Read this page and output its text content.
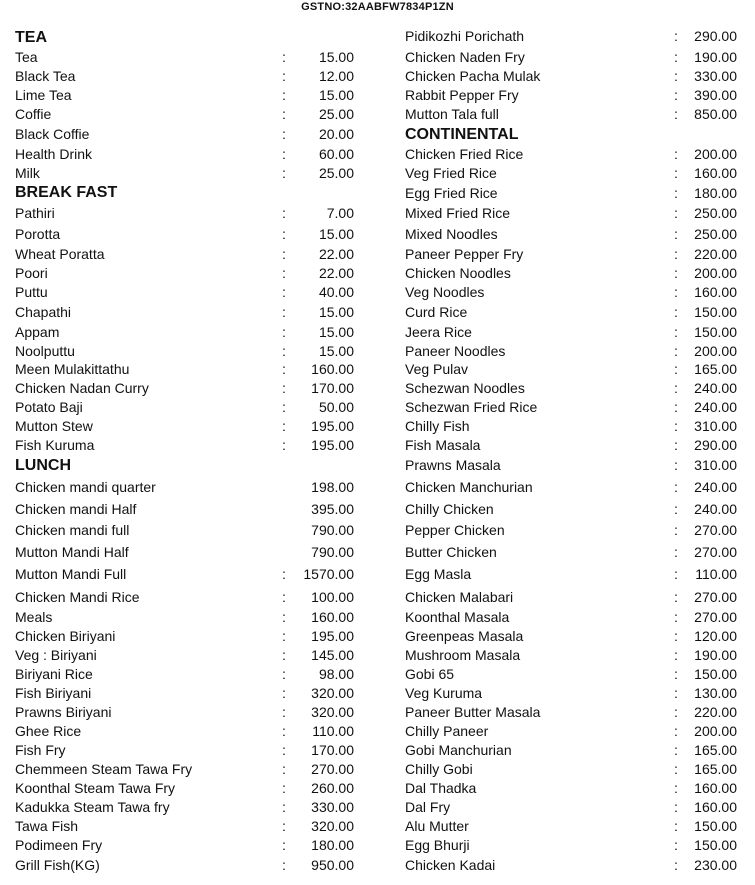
GSTNO:32AABFW7834P1ZN
TEA
Tea	:	15.00
Black Tea	:	12.00
Lime Tea	:	15.00
Coffie	:	25.00
Black Coffie	:	20.00
Health Drink	:	60.00
Milk	:	25.00
BREAK FAST
Pathiri	:	7.00
Porotta	:	15.00
Wheat Poratta	:	22.00
Poori	:	22.00
Puttu	:	40.00
Chapathi	:	15.00
Appam	:	15.00
Noolputtu	:	15.00
Meen Mulakittathu	:	160.00
Chicken Nadan Curry	:	170.00
Potato Baji	:	50.00
Mutton Stew	:	195.00
Fish Kuruma	:	195.00
LUNCH
Chicken mandi quarter	198.00
Chicken mandi Half	395.00
Chicken mandi full	790.00
Mutton Mandi Half	790.00
Mutton Mandi Full	:	1570.00
Chicken Mandi Rice	:	100.00
Meals	:	160.00
Chicken Biriyani	:	195.00
Veg : Biriyani	:	145.00
Biriyani Rice	:	98.00
Fish Biriyani	:	320.00
Prawns Biriyani	:	320.00
Ghee Rice	:	110.00
Fish Fry	:	170.00
Chemmeen Steam Tawa Fry	:	270.00
Koonthal Steam Tawa Fry	:	260.00
Kadukka Steam Tawa fry	:	330.00
Tawa Fish	:	320.00
Podimeen Fry	:	180.00
Grill Fish(KG)	:	950.00
Pidikozhi Porichath	:	290.00
Chicken Naden Fry	:	190.00
Chicken Pacha Mulak	:	330.00
Rabbit Pepper Fry	:	390.00
Mutton Tala full	:	850.00
CONTINENTAL
Chicken Fried Rice	:	200.00
Veg Fried Rice	:	160.00
Egg Fried Rice	:	180.00
Mixed Fried Rice	:	250.00
Mixed Noodles	:	250.00
Paneer Pepper Fry	:	220.00
Chicken Noodles	:	200.00
Veg Noodles	:	160.00
Curd Rice	:	150.00
Jeera Rice	:	150.00
Paneer Noodles	:	200.00
Veg Pulav	:	165.00
Schezwan Noodles	:	240.00
Schezwan Fried Rice	:	240.00
Chilly Fish	:	310.00
Fish Masala	:	290.00
Prawns Masala	:	310.00
Chicken Manchurian	:	240.00
Chilly Chicken	:	240.00
Pepper Chicken	:	270.00
Butter Chicken	:	270.00
Egg Masla	:	110.00
Chicken Malabari	:	270.00
Koonthal Masala	:	270.00
Greenpeas Masala	:	120.00
Mushroom Masala	:	190.00
Gobi 65	:	150.00
Veg Kuruma	:	130.00
Paneer Butter Masala	:	220.00
Chilly Paneer	:	200.00
Gobi Manchurian	:	165.00
Chilly Gobi	:	165.00
Dal Thadka	:	160.00
Dal Fry	:	160.00
Alu Mutter	:	150.00
Egg Bhurji	:	150.00
Chicken Kadai	:	230.00
